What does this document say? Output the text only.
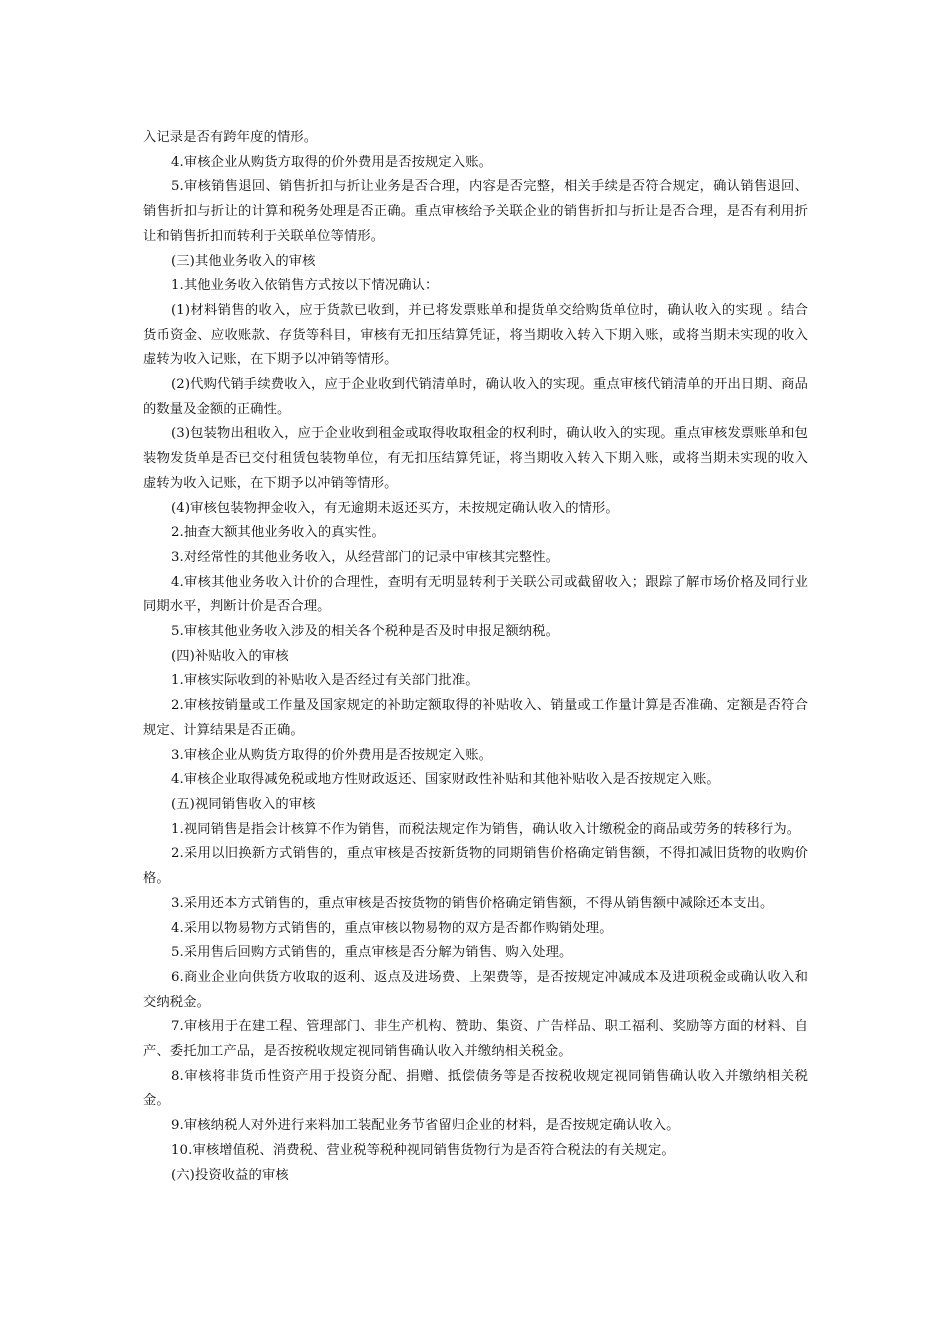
入记录是否有跨年度的情形。

4.审核企业从购货方取得的价外费用是否按规定入账。

5.审核销售退回、销售折扣与折让业务是否合理，内容是否完整，相关手续是否符合规定，确认销售退回、销售折扣与折让的计算和税务处理是否正确。重点审核给予关联企业的销售折扣与折让是否合理，是否有利用折让和销售折扣而转利于关联单位等情形。

(三)其他业务收入的审核

1.其他业务收入依销售方式按以下情况确认：

(1)材料销售的收入，应于货款已收到，并已将发票账单和提货单交给购货单位时，确认收入的实现 。结合货币资金、应收账款、存货等科目，审核有无扣压结算凭证，将当期收入转入下期入账，或将当期未实现的收入虚转为收入记账，在下期予以冲销等情形。

(2)代购代销手续费收入，应于企业收到代销清单时，确认收入的实现。重点审核代销清单的开出日期、商品的数量及金额的正确性。

(3)包装物出租收入，应于企业收到租金或取得收取租金的权利时，确认收入的实现。重点审核发票账单和包装物发货单是否已交付租赁包装物单位，有无扣压结算凭证，将当期收入转入下期入账，或将当期未实现的收入虚转为收入记账，在下期予以冲销等情形。

(4)审核包装物押金收入，有无逾期未返还买方，未按规定确认收入的情形。

2.抽查大额其他业务收入的真实性。

3.对经常性的其他业务收入，从经营部门的记录中审核其完整性。

4.审核其他业务收入计价的合理性，查明有无明显转利于关联公司或截留收入；跟踪了解市场价格及同行业同期水平，判断计价是否合理。

5.审核其他业务收入涉及的相关各个税种是否及时申报足额纳税。

(四)补贴收入的审核

1.审核实际收到的补贴收入是否经过有关部门批准。

2.审核按销量或工作量及国家规定的补助定额取得的补贴收入、销量或工作量计算是否准确、定额是否符合规定、计算结果是否正确。

3.审核企业从购货方取得的价外费用是否按规定入账。

4.审核企业取得减免税或地方性财政返还、国家财政性补贴和其他补贴收入是否按规定入账。

(五)视同销售收入的审核

1.视同销售是指会计核算不作为销售，而税法规定作为销售，确认收入计缴税金的商品或劳务的转移行为。

2.采用以旧换新方式销售的，重点审核是否按新货物的同期销售价格确定销售额，不得扣减旧货物的收购价格。

3.采用还本方式销售的，重点审核是否按货物的销售价格确定销售额，不得从销售额中减除还本支出。

4.采用以物易物方式销售的，重点审核以物易物的双方是否都作购销处理。

5.采用售后回购方式销售的，重点审核是否分解为销售、购入处理。

6.商业企业向供货方收取的返利、返点及进场费、上架费等，是否按规定冲减成本及进项税金或确认收入和交纳税金。

7.审核用于在建工程、管理部门、非生产机构、赞助、集资、广告样品、职工福利、奖励等方面的材料、自产、委托加工产品，是否按税收规定视同销售确认收入并缴纳相关税金。

8.审核将非货币性资产用于投资分配、捐赠、抵偿债务等是否按税收规定视同销售确认收入并缴纳相关税金。

9.审核纳税人对外进行来料加工装配业务节省留归企业的材料，是否按规定确认收入。

10.审核增值税、消费税、营业税等税种视同销售货物行为是否符合税法的有关规定。

(六)投资收益的审核
